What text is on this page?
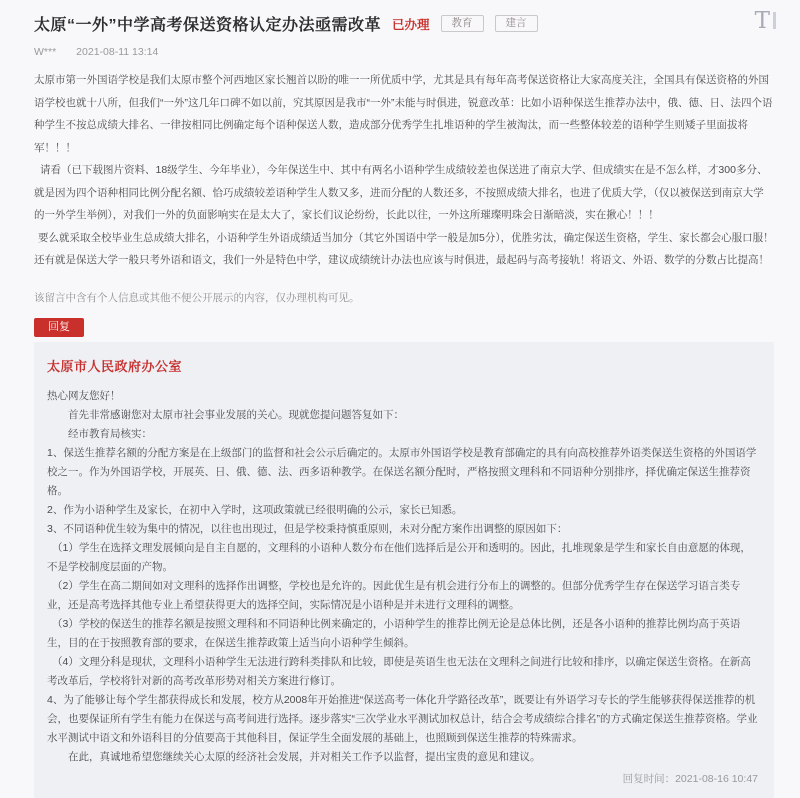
T
太原“一外”中学高考保送资格认定办法亟需改革 已办理	教育	建言
W*** 2021-08-11 13:14

太原市第一外国语学校是我们太原市整个河西地区家长翘首以盼的唯一一所优质中学，尤其是具有每年高考保送资格让大家高度关注，全国具有保送资格的外国语学校也就十八所，但我们“一外”这几年口碑不如以前，究其原因是我市“一外”未能与时俱进，锐意改革：比如小语种保送生推荐办法中，俄、德、日、法四个语种学生不按总成绩大排名、一律按相同比例确定每个语种保送人数，造成部分优秀学生扎堆语种的学生被淘汰，而一些整体较差的语种学生则矮子里面拔将军！！！

请看（已下载图片资料、18级学生、今年毕业），今年保送生中、其中有两名小语种学生成绩较差也保送进了南京大学、但成绩实在是不怎么样，才300多分、就是因为四个语种相同比例分配名额、恰巧成绩较差语种学生人数又多，进而分配的人数还多，不按照成绩大排名，也进了优质大学，（仅以被保送到南京大学的一外学生举例），对我们一外的负面影响实在是太大了，家长们议论纷纷，长此以往，一外这所璀璨明珠会日渐暗淡，实在揪心！！！

要么就采取全校毕业生总成绩大排名，小语种学生外语成绩适当加分（其它外国语中学一般是加5分），优胜劣汰，确定保送生资格，学生、家长都会心服口服！

还有就是保送大学一般只考外语和语文，我们一外是特色中学，建议成绩统计办法也应该与时俱进，最起码与高考接轨！将语文、外语、数学的分数占比提高！

该留言中含有个人信息或其他不便公开展示的内容，仅办理机构可见。
回复
太原市人民政府办公室

热心网友您好！

首先非常感谢您对太原市社会事业发展的关心。现就您提问题答复如下：

经市教育局核实：

1、保送生推荐名额的分配方案是在上级部门的监督和社会公示后确定的。太原市外国语学校是教育部确定的具有向高校推荐外语类保送生资格的外国语学校之一。作为外国语学校，开展英、日、俄、德、法、西多语种教学。在保送名额分配时，严格按照文理科和不同语种分别排序，择优确定保送生推荐资格。

2、作为小语种学生及家长，在初中入学时，这项政策就已经很明确的公示，家长已知悉。

3、不同语种优生较为集中的情况，以往也出现过，但是学校秉持慎重原则，未对分配方案作出调整的原因如下：

（1）学生在选择文理发展倾向是自主自愿的，文理科的小语种人数分布在他们选择后是公开和透明的。因此，扎堆现象是学生和家长自由意愿的体现，不是学校制度层面的产物。

（2）学生在高二期间如对文理科的选择作出调整，学校也是允许的。因此优生是有机会进行分布上的调整的。但部分优秀学生存在保送学习语言类专业，还是高考选择其他专业上希望获得更大的选择空间，实际情况是小语种是并未进行文理科的调整。

（3）学校的保送生的推荐名额是按照文理科和不同语种比例来确定的，小语种学生的推荐比例无论是总体比例，还是各小语种的推荐比例均高于英语生，目的在于按照教育部的要求，在保送生推荐政策上适当向小语种学生倾斜。

（4）文理分科是现状，文理科小语种学生无法进行跨科类排队和比较，即使是英语生也无法在文理科之间进行比较和排序，以确定保送生资格。在新高考改革后，学校将针对新的高考改革形势对相关方案进行修订。

4、为了能够让每个学生都获得成长和发展，校方从2008年开始推进“保送高考一体化升学路径改革”，既要让有外语学习专长的学生能够获得保送推荐的机会，也要保证所有学生有能力在保送与高考间进行选择。逐步落实“三次学业水平测试加权总计，结合会考成绩综合排名”的方式确定保送生推荐资格。学业水平测试中语文和外语科目的分值要高于其他科目，保证学生全面发展的基础上，也照顾到保送生推荐的特殊需求。

在此，真诚地希望您继续关心太原的经济社会发展，并对相关工作予以监督，提出宝贵的意见和建议。

回复时间：2021-08-16 10:47
